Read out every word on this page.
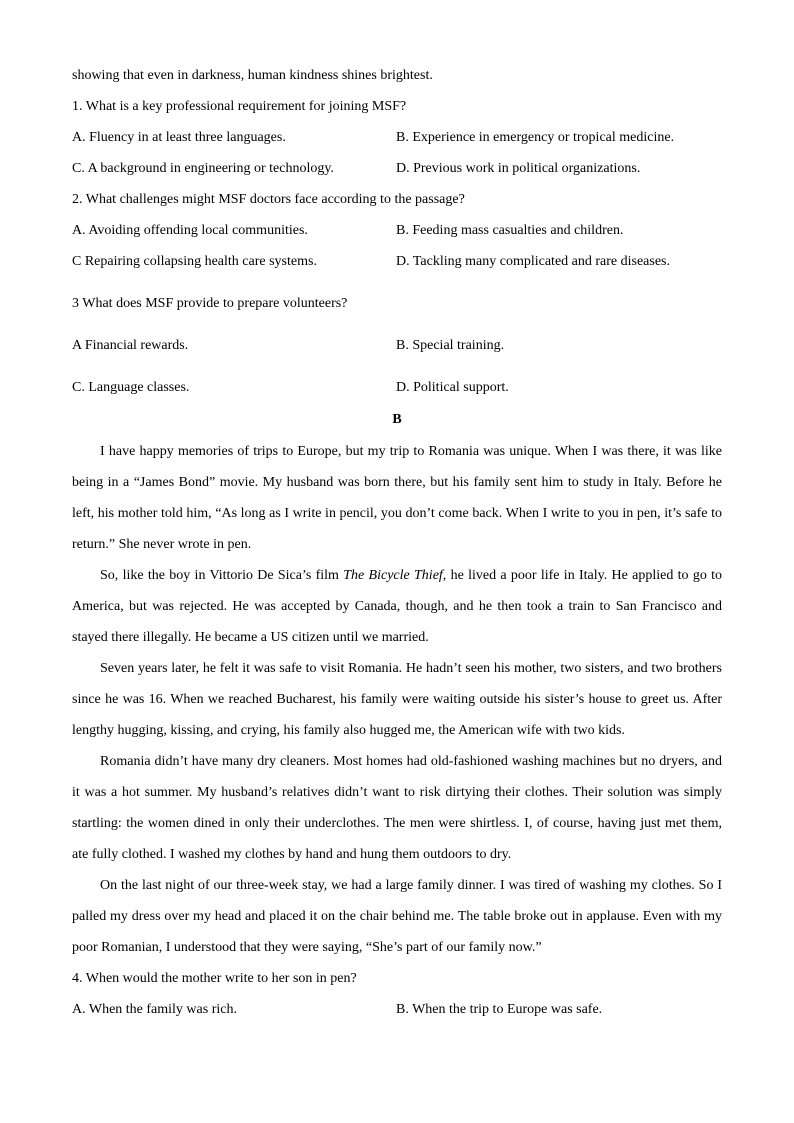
showing that even in darkness, human kindness shines brightest.

1. What is a key professional requirement for joining MSF?

A. Fluency in at least three languages.	B. Experience in emergency or tropical medicine.
C. A background in engineering or technology.	D. Previous work in political organizations.

2. What challenges might MSF doctors face according to the passage?

A. Avoiding offending local communities.	B. Feeding mass casualties and children.
C Repairing collapsing health care systems.	D. Tackling many complicated and rare diseases.
3 What does MSF provide to prepare volunteers?
A Financial rewards.	B. Special training.
C. Language classes.	D. Political support.

B

I have happy memories of trips to Europe, but my trip to Romania was unique. When I was there, it was like being in a “James Bond” movie. My husband was born there, but his family sent him to study in Italy. Before he left, his mother told him, “As long as I write in pencil, you don’t come back. When I write to you in pen, it’s safe to return.” She never wrote in pen.

So, like the boy in Vittorio De Sica’s film The Bicycle Thief, he lived a poor life in Italy. He applied to go to America, but was rejected. He was accepted by Canada, though, and he then took a train to San Francisco and stayed there illegally. He became a US citizen until we married.

Seven years later, he felt it was safe to visit Romania. He hadn’t seen his mother, two sisters, and two brothers since he was 16. When we reached Bucharest, his family were waiting outside his sister’s house to greet us. After lengthy hugging, kissing, and crying, his family also hugged me, the American wife with two kids.

Romania didn’t have many dry cleaners. Most homes had old-fashioned washing machines but no dryers, and it was a hot summer. My husband’s relatives didn’t want to risk dirtying their clothes. Their solution was simply startling: the women dined in only their underclothes. The men were shirtless. I, of course, having just met them, ate fully clothed. I washed my clothes by hand and hung them outdoors to dry.

On the last night of our three-week stay, we had a large family dinner. I was tired of washing my clothes. So I palled my dress over my head and placed it on the chair behind me. The table broke out in applause. Even with my poor Romanian, I understood that they were saying, “She’s part of our family now.”

4. When would the mother write to her son in pen?

A. When the family was rich.	B. When the trip to Europe was safe.
